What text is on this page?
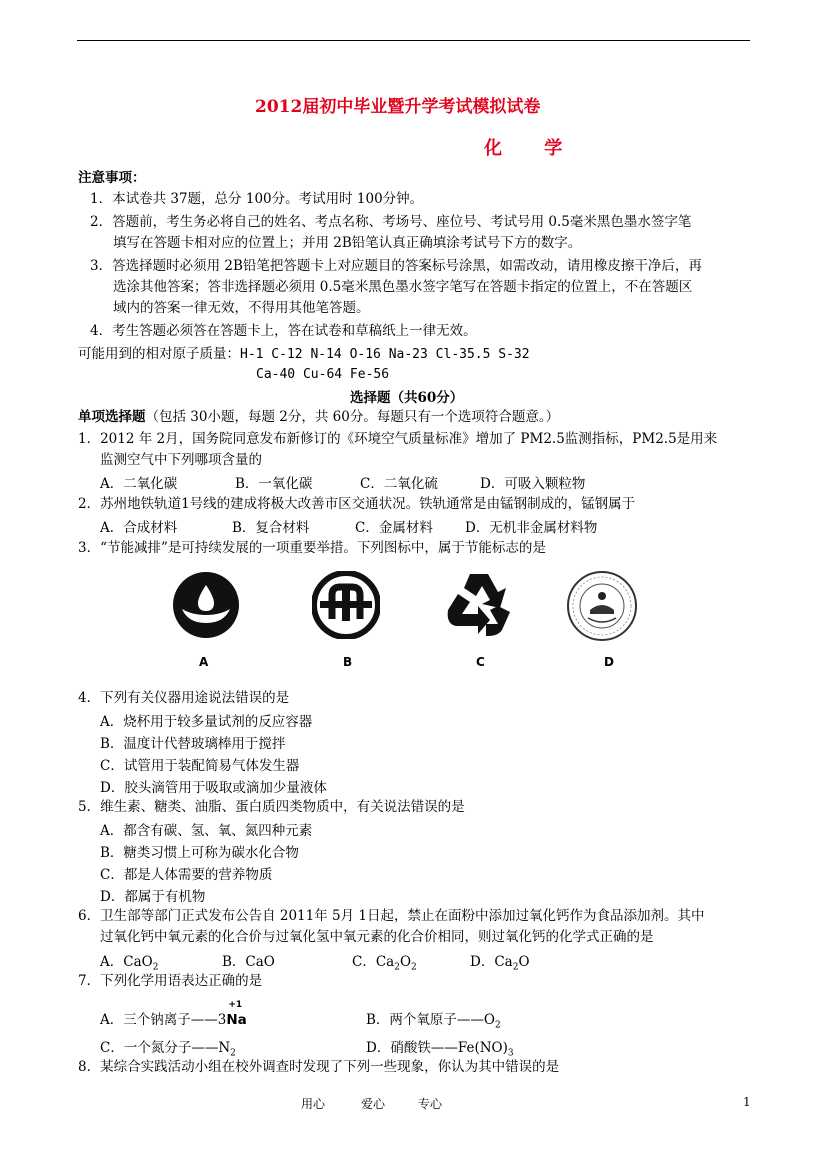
2012届初中毕业暨升学考试模拟试卷
化 学
注意事项：
1．本试卷共 37题，总分 100分。考试用时 100分钟。
2．答题前，考生务必将自己的姓名、考点名称、考场号、座位号、考试号用 0.5毫米黑色墨水签字笔
填写在答题卡相对应的位置上；并用 2B铅笔认真正确填涂考试号下方的数字。
3．答选择题时必须用 2B铅笔把答题卡上对应题目的答案标号涂黑，如需改动，请用橡皮擦干净后，再
选涂其他答案；答非选择题必须用 0.5毫米黑色墨水签字笔写在答题卡指定的位置上，不在答题区
域内的答案一律无效，不得用其他笔答题。
4．考生答题必须答在答题卡上，答在试卷和草稿纸上一律无效。
可能用到的相对原子质量：H-1 C-12 N-14 O-16 Na-23 Cl-35.5 S-32
Ca-40 Cu-64 Fe-56
选择题（共60分）
单项选择题（包括 30小题，每题 2分，共 60分。每题只有一个选项符合题意。）
1．2012 年 2月，国务院同意发布新修订的《环境空气质量标准》增加了 PM2.5监测指标，PM2.5是用来
监测空气中下列哪项含量的
A．二氧化碳	B．一氧化碳	C．二氧化硫	D．可吸入颗粒物
2．苏州地铁轨道1号线的建成将极大改善市区交通状况。铁轨通常是由锰钢制成的，锰钢属于
A．合成材料	B．复合材料	C．金属材料 D．无机非金属材料物
3．“节能减排”是可持续发展的一项重要举措。下列图标中，属于节能标志的是
A	B	C	D
4．下列有关仪器用途说法错误的是
A．烧杯用于较多量试剂的反应容器
B．温度计代替玻璃棒用于搅拌
C．试管用于装配简易气体发生器
D．胶头滴管用于吸取或滴加少量液体
5．维生素、糖类、油脂、蛋白质四类物质中，有关说法错误的是
A．都含有碳、氢、氧、氮四种元素
B．糖类习惯上可称为碳水化合物
C．都是人体需要的营养物质
D．都属于有机物
6．卫生部等部门正式发布公告自 2011年 5月 1日起，禁止在面粉中添加过氧化钙作为食品添加剂。其中
过氧化钙中氧元素的化合价与过氧化氢中氧元素的化合价相同，则过氧化钙的化学式正确的是
A．CaO$_2$	B．CaO	C．$Ca_2O_2$	D．$Ca_2O$
7．下列化学用语表达正确的是
A．三个钠离子——3Na
+1
B．两个氧原子$——O_2$
C．一个氮分子$——N_2$	D．硝酸铁$——Fe(NO)_3$
8．某综合实践活动小组在校外调查时发现了下列一些现象，你认为其中错误的是
用心	爱心	专心	1
